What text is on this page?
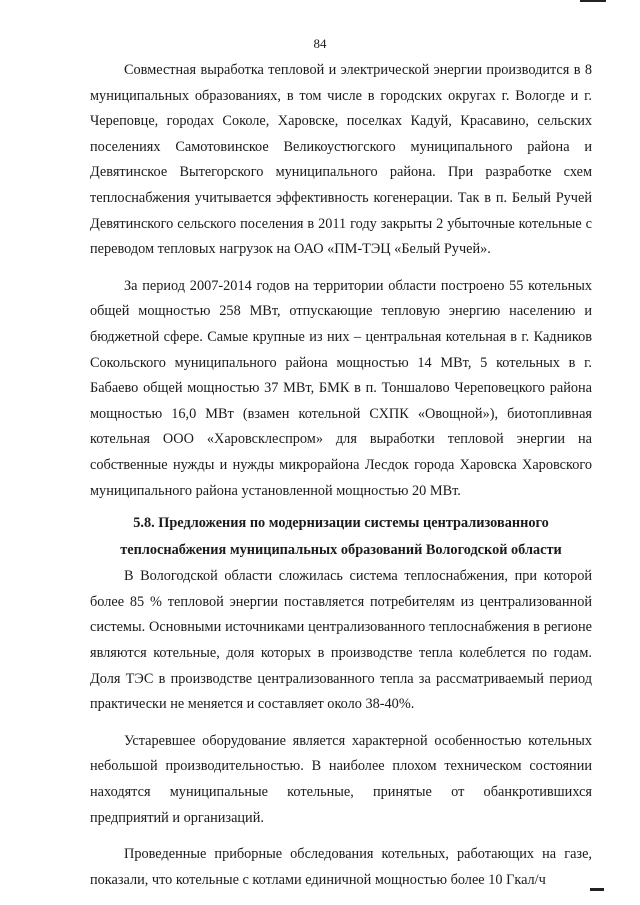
84

Совместная выработка тепловой и электрической энергии производится в 8 муниципальных образованиях, в том числе в городских округах г. Вологде и г. Череповце, городах Соколе, Харовске, поселках Кадуй, Красавино, сельских поселениях Самотовинское Великоустюгского муниципального района и Девятинское Вытегорского муниципального района. При разработке схем теплоснабжения учитывается эффективность когенерации. Так в п. Белый Ручей Девятинского сельского поселения в 2011 году закрыты 2 убыточные котельные с переводом тепловых нагрузок на ОАО «ПМ-ТЭЦ «Белый Ручей».

За период 2007-2014 годов на территории области построено 55 котельных общей мощностью 258 МВт, отпускающие тепловую энергию населению и бюджетной сфере. Самые крупные из них – центральная котельная в г. Кадников Сокольского муниципального района мощностью 14 МВт, 5 котельных в г. Бабаево общей мощностью 37 МВт, БМК в п. Тоншалово Череповецкого района мощностью 16,0 МВт (взамен котельной СХПК «Овощной»), биотопливная котельная ООО «Харовсклеспром» для выработки тепловой энергии на собственные нужды и нужды микрорайона Лесдок города Харовска Харовского муниципального района установленной мощностью 20 МВт.

5.8. Предложения по модернизации системы централизованного

теплоснабжения муниципальных образований Вологодской области

В Вологодской области сложилась система теплоснабжения, при которой более 85 % тепловой энергии поставляется потребителям из централизованной системы. Основными источниками централизованного теплоснабжения в регионе являются котельные, доля которых в производстве тепла колеблется по годам. Доля ТЭС в производстве централизованного тепла за рассматриваемый период практически не меняется и составляет около 38-40%.

Устаревшее оборудование является характерной особенностью котельных небольшой производительностью. В наиболее плохом техническом состоянии находятся муниципальные котельные, принятые от обанкротившихся предприятий и организаций.

Проведенные приборные обследования котельных, работающих на газе, показали, что котельные с котлами единичной мощностью более 10 Гкал/ч
